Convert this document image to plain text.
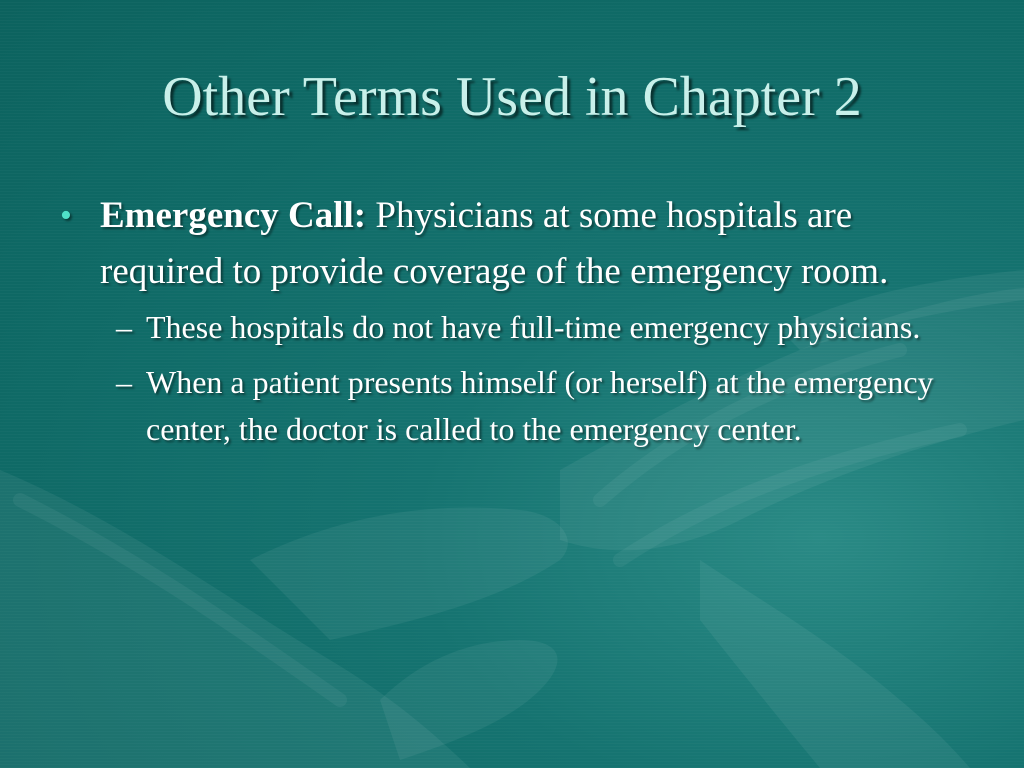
Other Terms Used in Chapter 2
• Emergency Call: Physicians at some hospitals are required to provide coverage of the emergency room.
– These hospitals do not have full-time emergency physicians.
– When a patient presents himself (or herself) at the emergency center, the doctor is called to the emergency center.
